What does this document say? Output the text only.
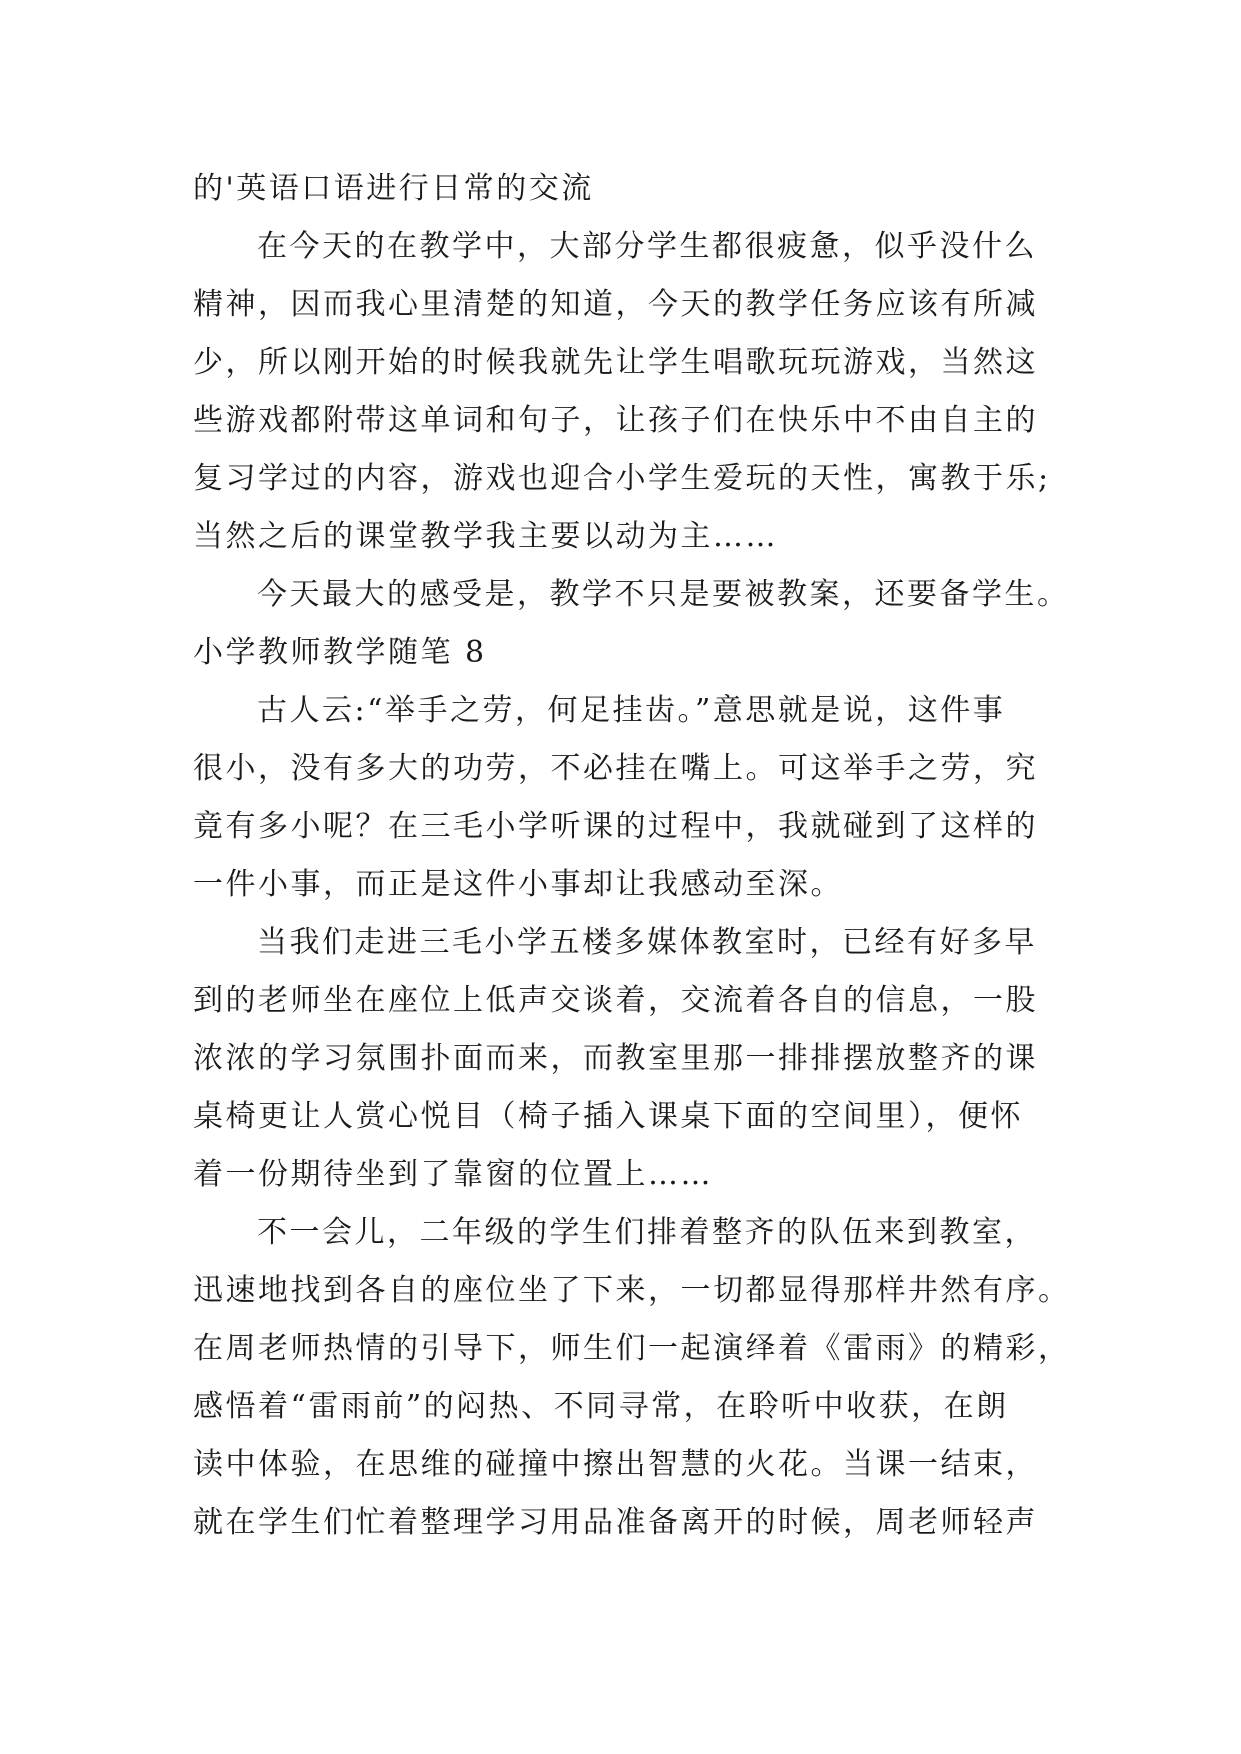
的'英语口语进行日常的交流
在今天的在教学中，大部分学生都很疲惫，似乎没什么
精神，因而我心里清楚的知道，今天的教学任务应该有所减
少，所以刚开始的时候我就先让学生唱歌玩玩游戏，当然这
些游戏都附带这单词和句子，让孩子们在快乐中不由自主的
复习学过的内容，游戏也迎合小学生爱玩的天性，寓教于乐;
当然之后的课堂教学我主要以动为主……
今天最大的感受是，教学不只是要被教案，还要备学生。
小学教师教学随笔 8
古人云:“举手之劳，何足挂齿。”意思就是说，这件事
很小，没有多大的功劳，不必挂在嘴上。可这举手之劳，究
竟有多小呢？在三毛小学听课的过程中，我就碰到了这样的
一件小事，而正是这件小事却让我感动至深。
当我们走进三毛小学五楼多媒体教室时，已经有好多早
到的老师坐在座位上低声交谈着，交流着各自的信息，一股
浓浓的学习氛围扑面而来，而教室里那一排排摆放整齐的课
桌椅更让人赏心悦目（椅子插入课桌下面的空间里），便怀
着一份期待坐到了靠窗的位置上……
不一会儿，二年级的学生们排着整齐的队伍来到教室，
迅速地找到各自的座位坐了下来，一切都显得那样井然有序。
在周老师热情的引导下，师生们一起演绎着《雷雨》的精彩，
感悟着“雷雨前”的闷热、不同寻常，在聆听中收获，在朗
读中体验，在思维的碰撞中擦出智慧的火花。当课一结束，
就在学生们忙着整理学习用品准备离开的时候，周老师轻声
